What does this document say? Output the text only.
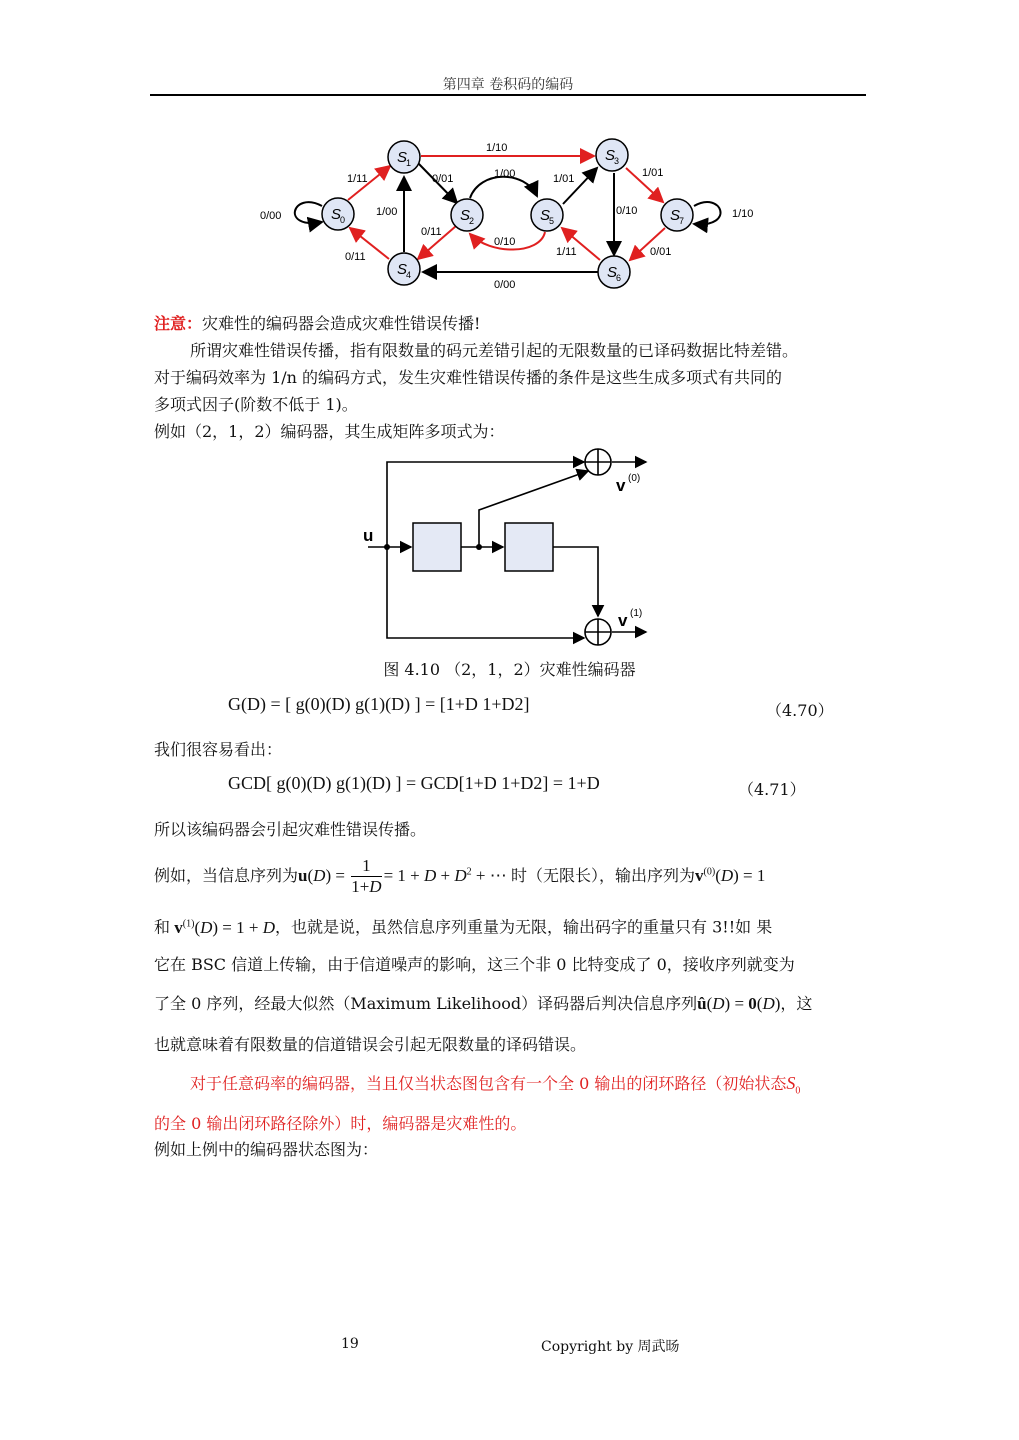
第四章 卷积码的编码
S
0
S
1
S
2
S
3
S
4
S
5
S
6
S
7
0/00
1/11
1/10
0/01
1/00
1/00
0/11
0/11
0/10
1/01	1/01
0/10	1/10
0/01
1/11
0/00
注意：灾难性的编码器会造成灾难性错误传播!
所谓灾难性错误传播，指有限数量的码元差错引起的无限数量的已译码数据比特差错。
对于编码效率为 1/n 的编码方式，发生灾难性错误传播的条件是这些生成多项式有共同的
多项式因子(阶数不低于 1)。
例如（2，1，2）编码器，其生成矩阵多项式为：
u
v (0)
v (1)
图 4.10 （2，1，2）灾难性编码器
G(D) = [ g(0)(D) g(1)(D) ] = [1+D 1+D2]	（4.70）
我们很容易看出：
GCD[ g(0)(D) g(1)(D) ] = GCD[1+D 1+D2] = 1+D	（4.71）
所以该编码器会引起灾难性错误传播。
例如，当信息序列为$u(D) = \frac{1}{1+D} = 1 + D + D^2$ + ⋯ 时（无限长），输出序列为$v^{(0)}(D) = 1$
和 $v^{(1)}(D) = 1 + D$，也就是说，虽然信息序列重量为无限，输出码字的重量只有 3!!如 果
它在 BSC 信道上传输，由于信道噪声的影响，这三个非 0 比特变成了 0，接收序列就变为
了全 0 序列，经最大似然（Maximum Likelihood）译码器后判决信息序列û(D) = 0(D)，这
也就意味着有限数量的信道错误会引起无限数量的译码错误。
对于任意码率的编码器，当且仅当状态图包含有一个全 0 输出的闭环路径（初始状态$S_0$
的全 0 输出闭环路径除外）时，编码器是灾难性的。
例如上例中的编码器状态图为：
19	Copyright by 周武旸
